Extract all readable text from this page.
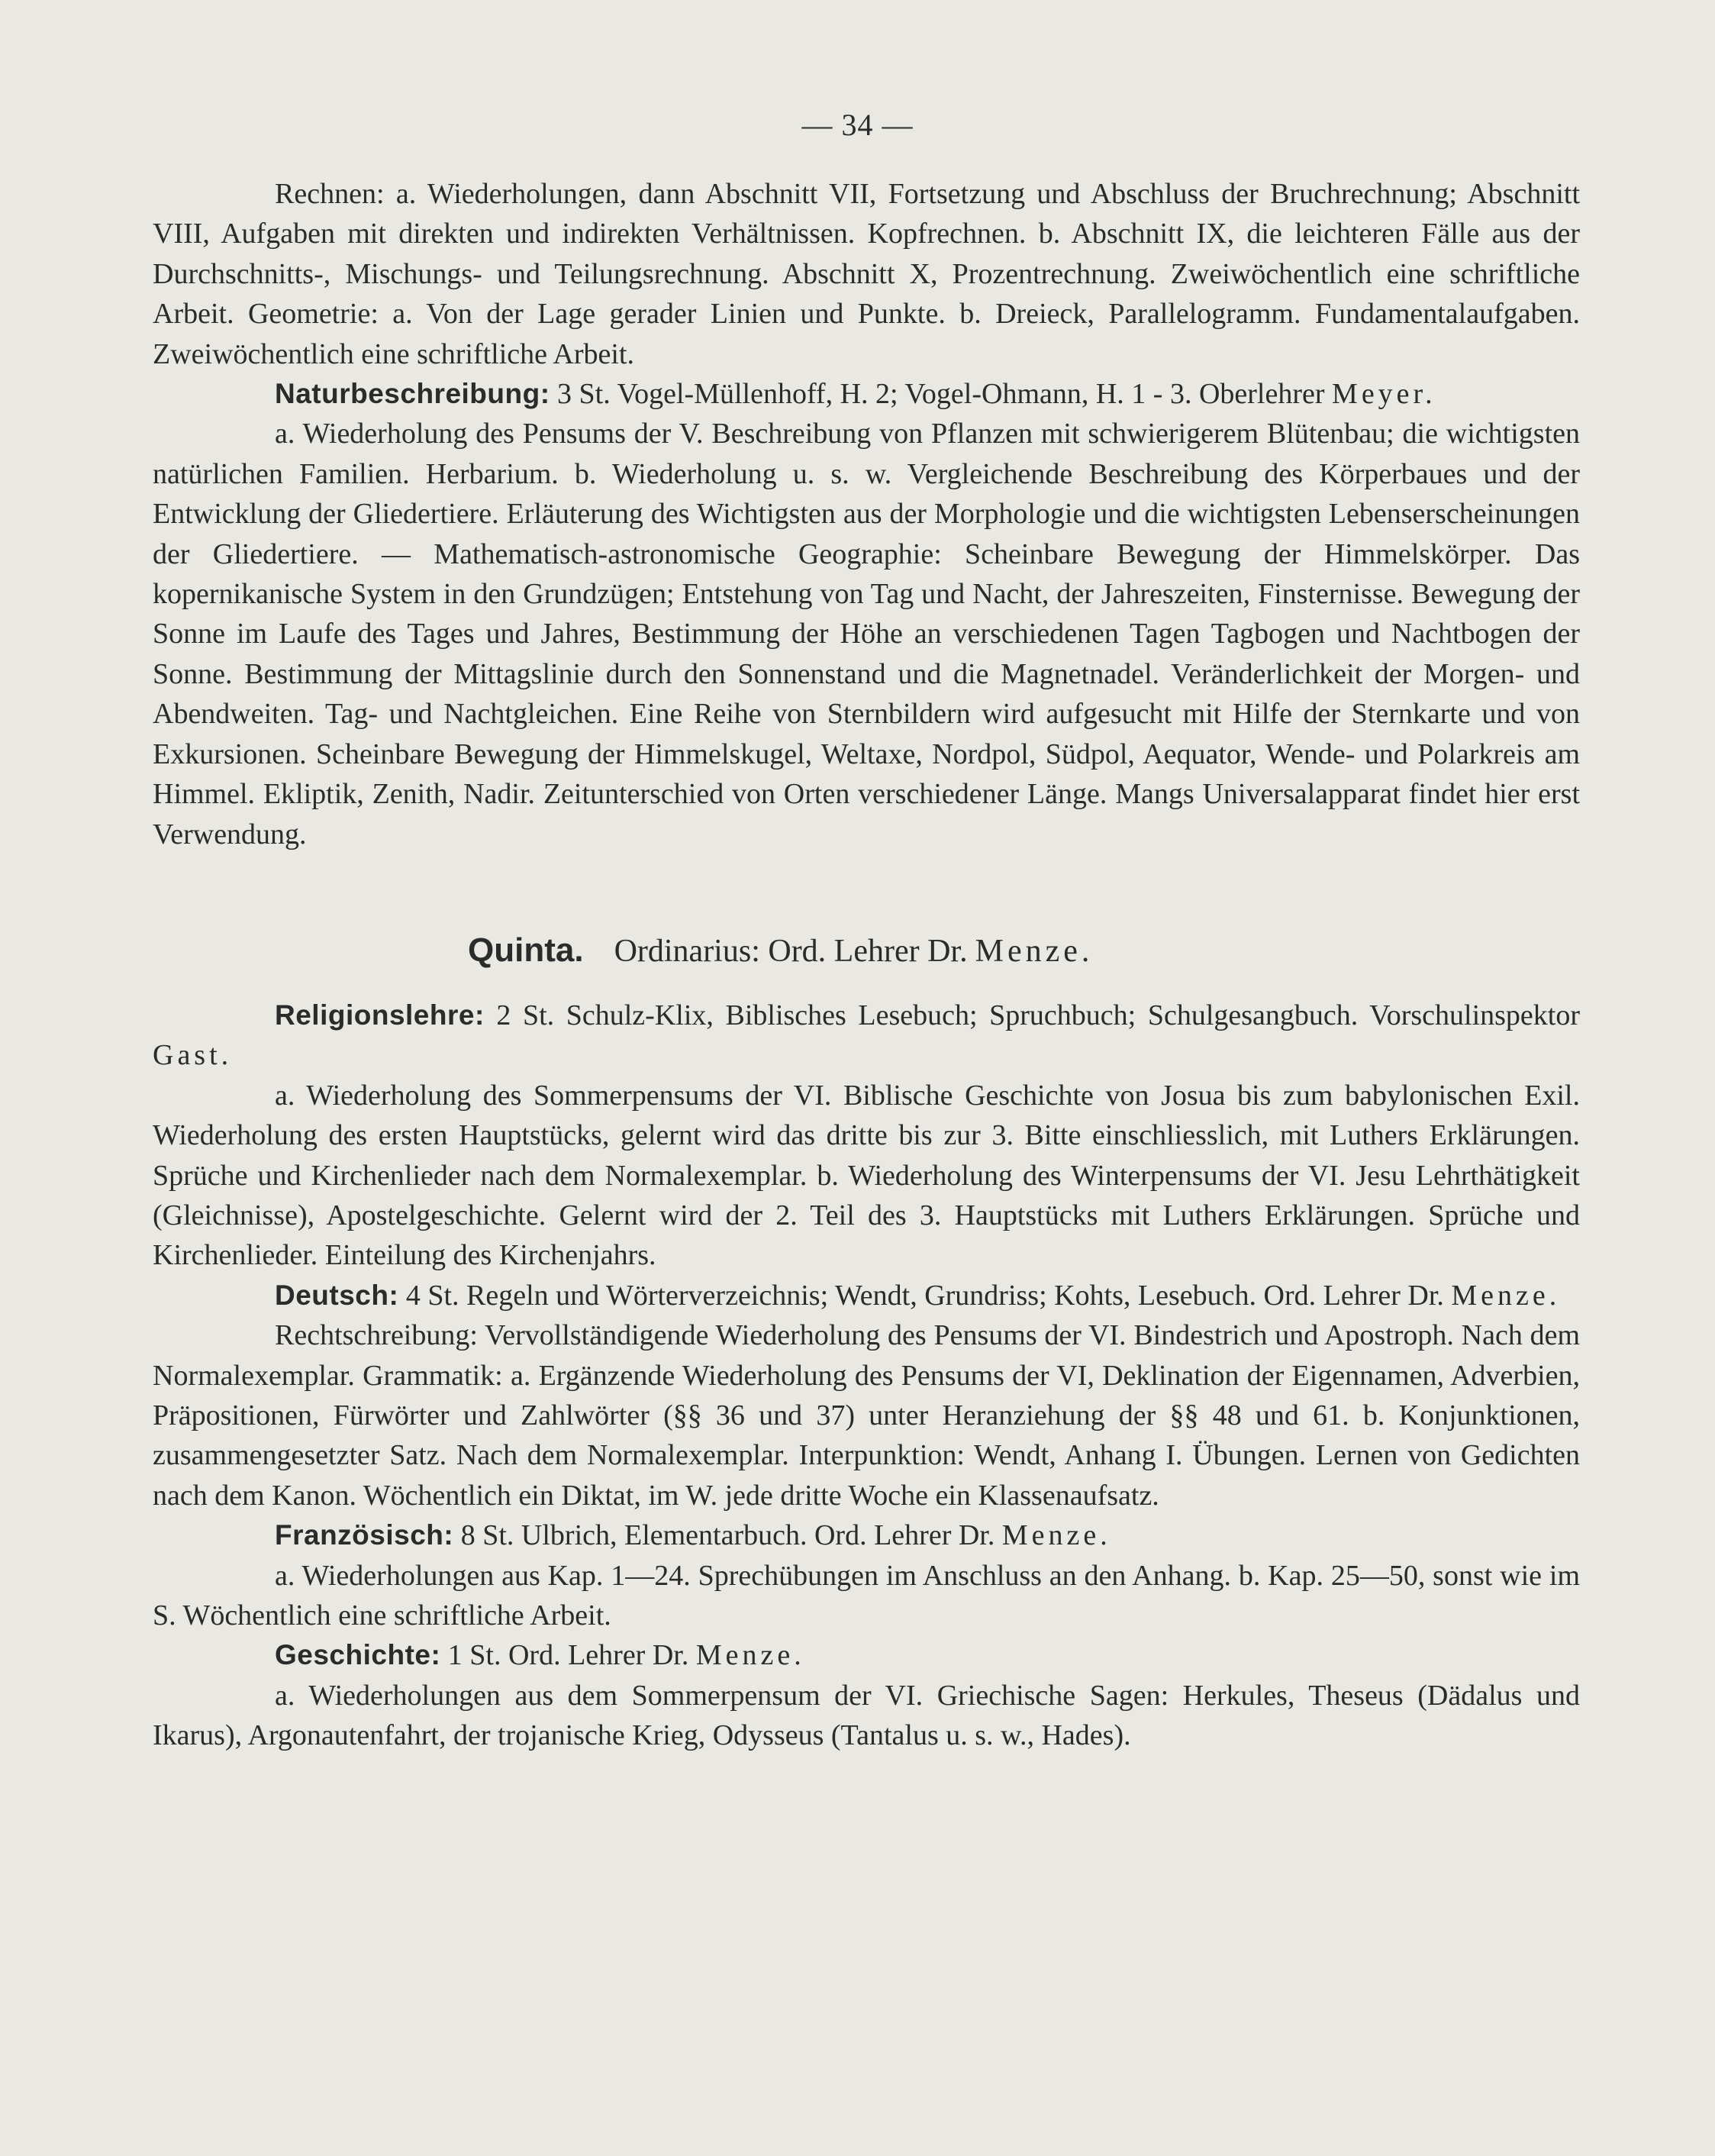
— 34 —

Rechnen: a. Wiederholungen, dann Abschnitt VII, Fortsetzung und Abschluss der Bruchrechnung; Abschnitt VIII, Aufgaben mit direkten und indirekten Verhältnissen. Kopfrechnen. b. Abschnitt IX, die leichteren Fälle aus der Durchschnitts-, Mischungs- und Teilungsrechnung. Abschnitt X, Prozentrechnung. Zweiwöchentlich eine schriftliche Arbeit. Geometrie: a. Von der Lage gerader Linien und Punkte. b. Dreieck, Parallelogramm. Fundamentalaufgaben. Zweiwöchentlich eine schriftliche Arbeit.

Naturbeschreibung: 3 St. Vogel-Müllenhoff, H. 2; Vogel-Ohmann, H. 1 - 3. Oberlehrer Meyer.

a. Wiederholung des Pensums der V. Beschreibung von Pflanzen mit schwierigerem Blütenbau; die wichtigsten natürlichen Familien. Herbarium. b. Wiederholung u. s. w. Vergleichende Beschreibung des Körperbaues und der Entwicklung der Gliedertiere. Erläuterung des Wichtigsten aus der Morphologie und die wichtigsten Lebenserscheinungen der Gliedertiere. — Mathematisch-astronomische Geographie: Scheinbare Bewegung der Himmelskörper. Das kopernikanische System in den Grundzügen; Entstehung von Tag und Nacht, der Jahreszeiten, Finsternisse. Bewegung der Sonne im Laufe des Tages und Jahres, Bestimmung der Höhe an verschiedenen Tagen Tagbogen und Nachtbogen der Sonne. Bestimmung der Mittagslinie durch den Sonnenstand und die Magnetnadel. Veränderlichkeit der Morgen- und Abendweiten. Tag- und Nachtgleichen. Eine Reihe von Sternbildern wird aufgesucht mit Hilfe der Sternkarte und von Exkursionen. Scheinbare Bewegung der Himmelskugel, Weltaxe, Nordpol, Südpol, Aequator, Wende- und Polarkreis am Himmel. Ekliptik, Zenith, Nadir. Zeitunterschied von Orten verschiedener Länge. Mangs Universalapparat findet hier erst Verwendung.

Quinta. Ordinarius: Ord. Lehrer Dr. Menze.

Religionslehre: 2 St. Schulz-Klix, Biblisches Lesebuch; Spruchbuch; Schulgesangbuch. Vorschulinspektor Gast.

a. Wiederholung des Sommerpensums der VI. Biblische Geschichte von Josua bis zum babylonischen Exil. Wiederholung des ersten Hauptstücks, gelernt wird das dritte bis zur 3. Bitte einschliesslich, mit Luthers Erklärungen. Sprüche und Kirchenlieder nach dem Normalexemplar. b. Wiederholung des Winterpensums der VI. Jesu Lehrthätigkeit (Gleichnisse), Apostelgeschichte. Gelernt wird der 2. Teil des 3. Hauptstücks mit Luthers Erklärungen. Sprüche und Kirchenlieder. Einteilung des Kirchenjahrs.

Deutsch: 4 St. Regeln und Wörterverzeichnis; Wendt, Grundriss; Kohts, Lesebuch. Ord. Lehrer Dr. Menze.

Rechtschreibung: Vervollständigende Wiederholung des Pensums der VI. Bindestrich und Apostroph. Nach dem Normalexemplar. Grammatik: a. Ergänzende Wiederholung des Pensums der VI, Deklination der Eigennamen, Adverbien, Präpositionen, Fürwörter und Zahlwörter (§§ 36 und 37) unter Heranziehung der §§ 48 und 61. b. Konjunktionen, zusammengesetzter Satz. Nach dem Normalexemplar. Interpunktion: Wendt, Anhang I. Übungen. Lernen von Gedichten nach dem Kanon. Wöchentlich ein Diktat, im W. jede dritte Woche ein Klassenaufsatz.

Französisch: 8 St. Ulbrich, Elementarbuch. Ord. Lehrer Dr. Menze.

a. Wiederholungen aus Kap. 1—24. Sprechübungen im Anschluss an den Anhang. b. Kap. 25—50, sonst wie im S. Wöchentlich eine schriftliche Arbeit.

Geschichte: 1 St. Ord. Lehrer Dr. Menze.

a. Wiederholungen aus dem Sommerpensum der VI. Griechische Sagen: Herkules, Theseus (Dädalus und Ikarus), Argonautenfahrt, der trojanische Krieg, Odysseus (Tantalus u. s. w., Hades).
